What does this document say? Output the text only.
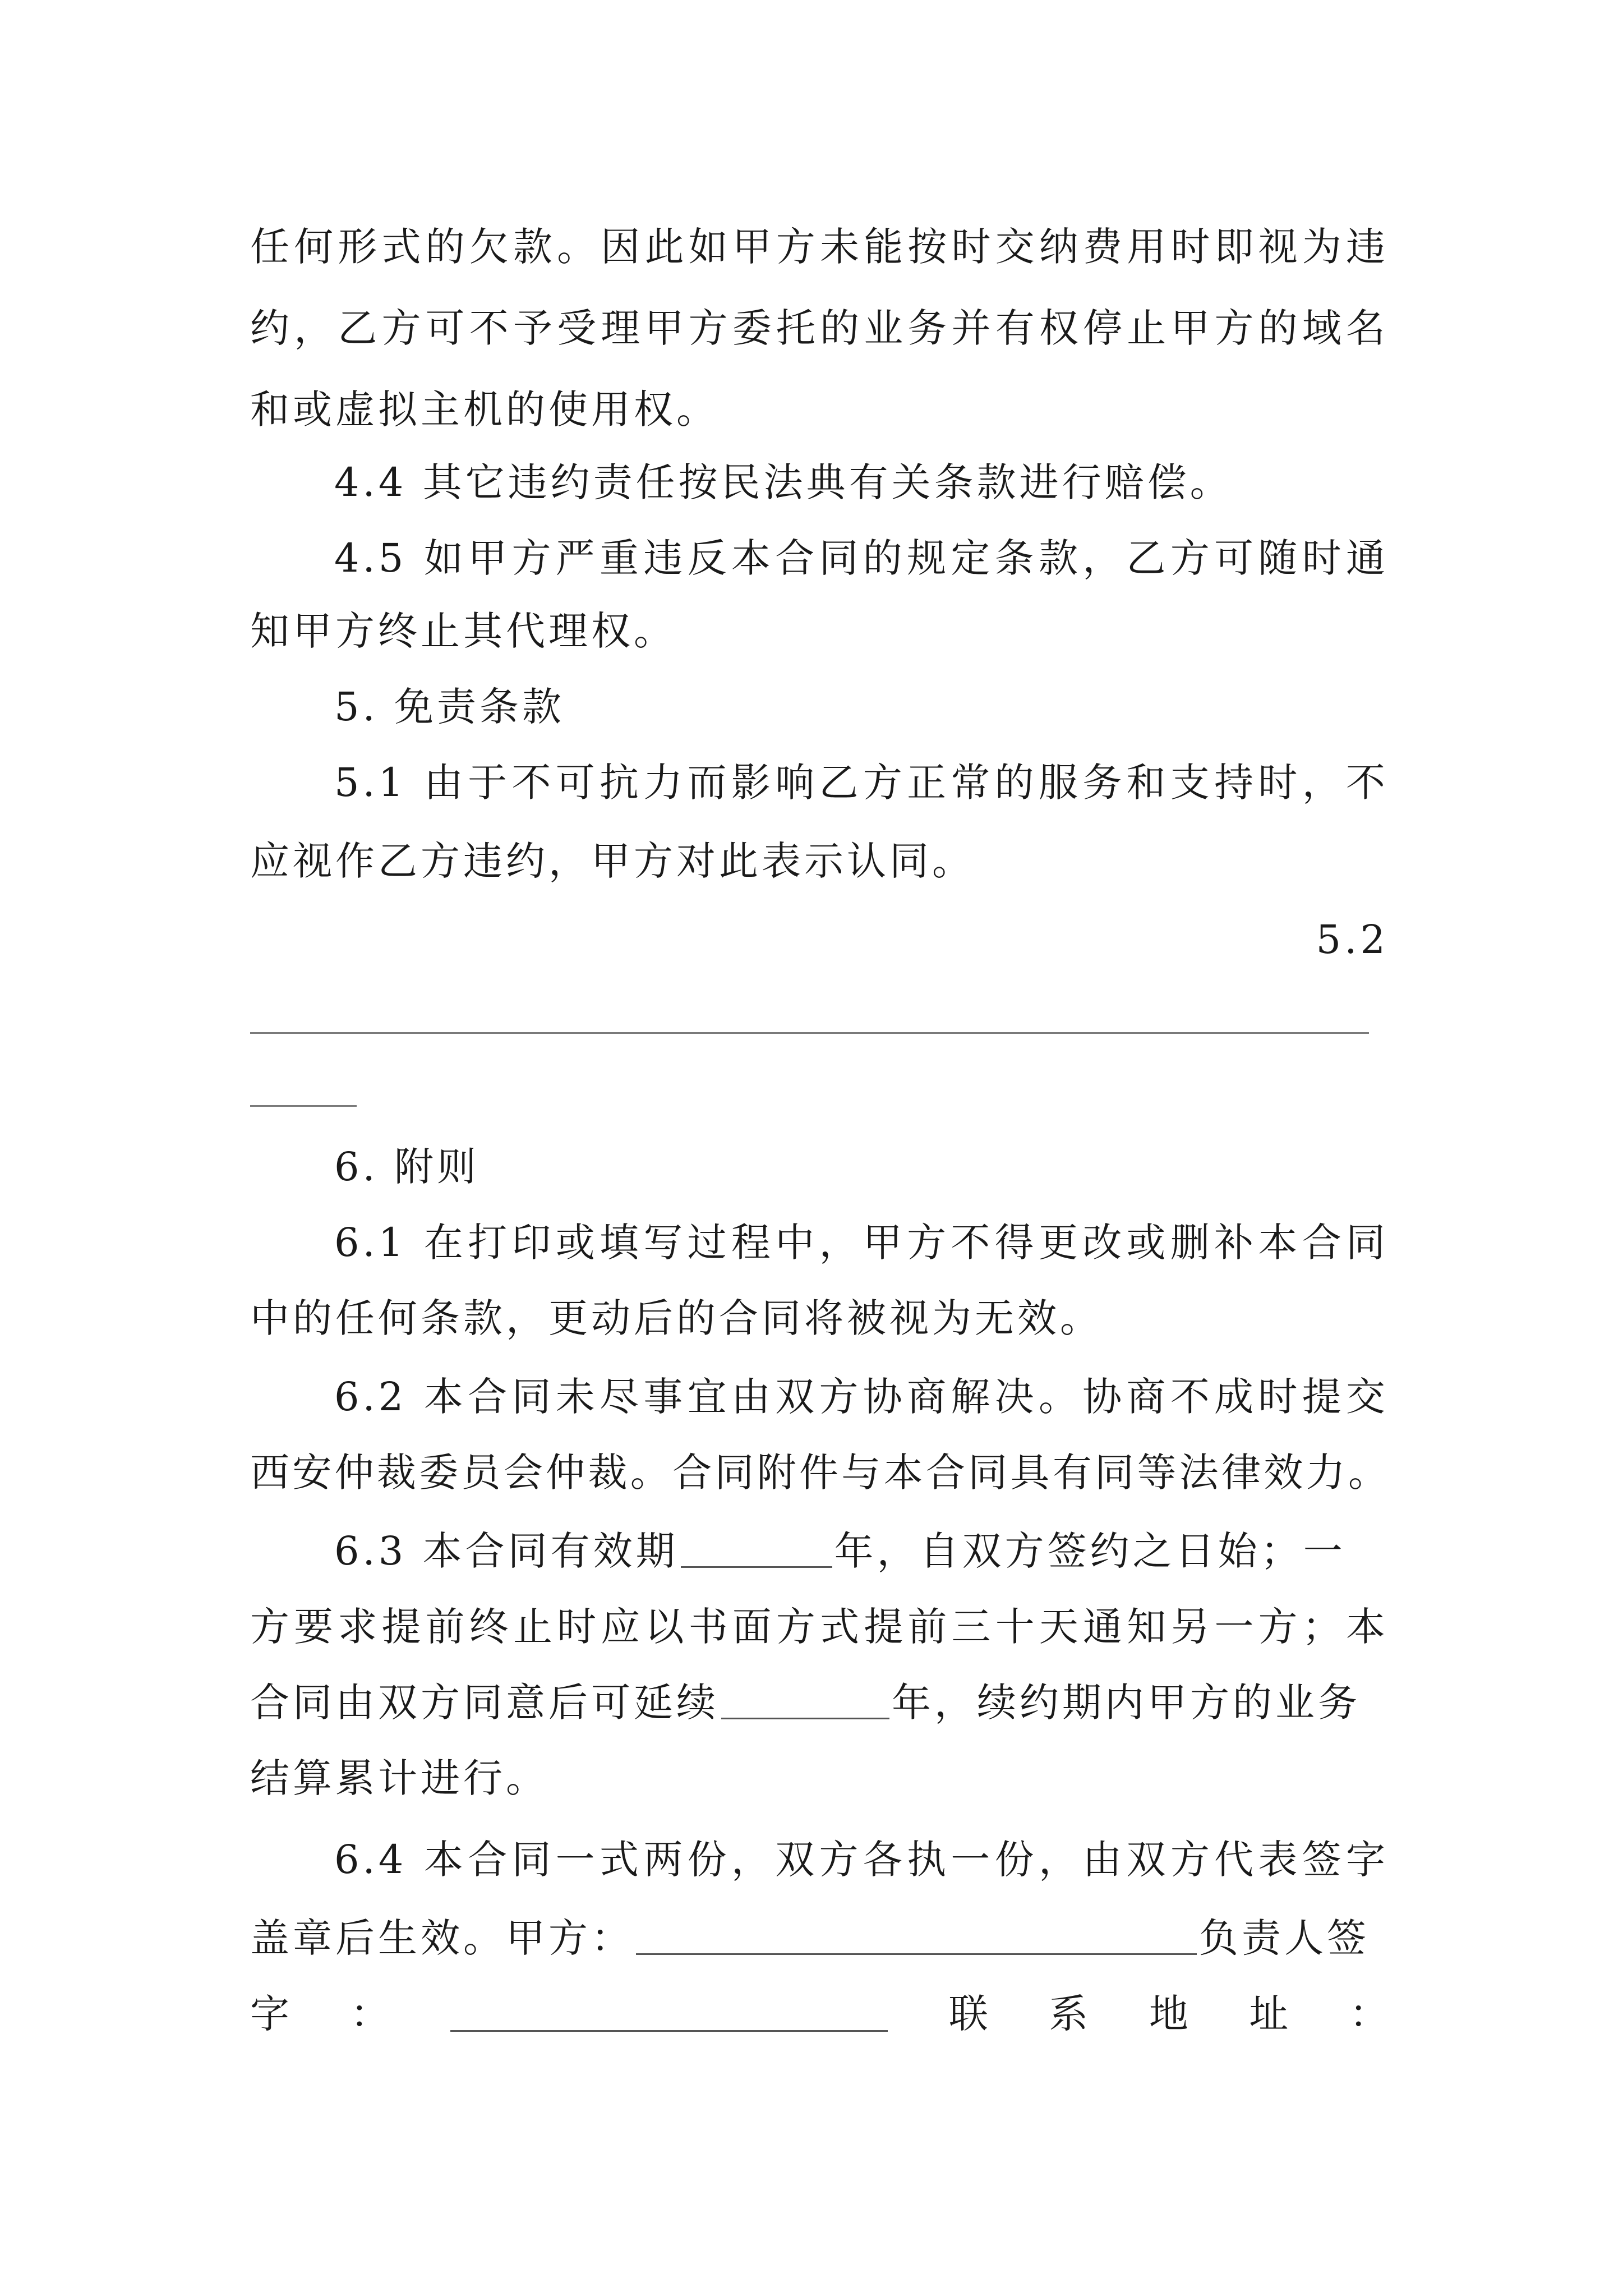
任何形式的欠款。因此如甲方未能按时交纳费用时即视为违
约，乙方可不予受理甲方委托的业务并有权停止甲方的域名
和或虚拟主机的使用权。
4.4 其它违约责任按民法典有关条款进行赔偿。
4.5 如甲方严重违反本合同的规定条款，乙方可随时通
知甲方终止其代理权。
5. 免责条款
5.1 由于不可抗力而影响乙方正常的服务和支持时，不
应视作乙方违约，甲方对此表示认同。
5.2
6. 附则
6.1 在打印或填写过程中，甲方不得更改或删补本合同
中的任何条款，更动后的合同将被视为无效。
6.2 本合同未尽事宜由双方协商解决。协商不成时提交
西安仲裁委员会仲裁。合同附件与本合同具有同等法律效力。
6.3 本合同有效期	年，自双方签约之日始；一
方要求提前终止时应以书面方式提前三十天通知另一方；本
合同由双方同意后可延续	年，续约期内甲方的业务
结算累计进行。
6.4 本合同一式两份，双方各执一份，由双方代表签字
盖章后生效。甲方：	负责人签
字 ：	联 系 地 址 ：
